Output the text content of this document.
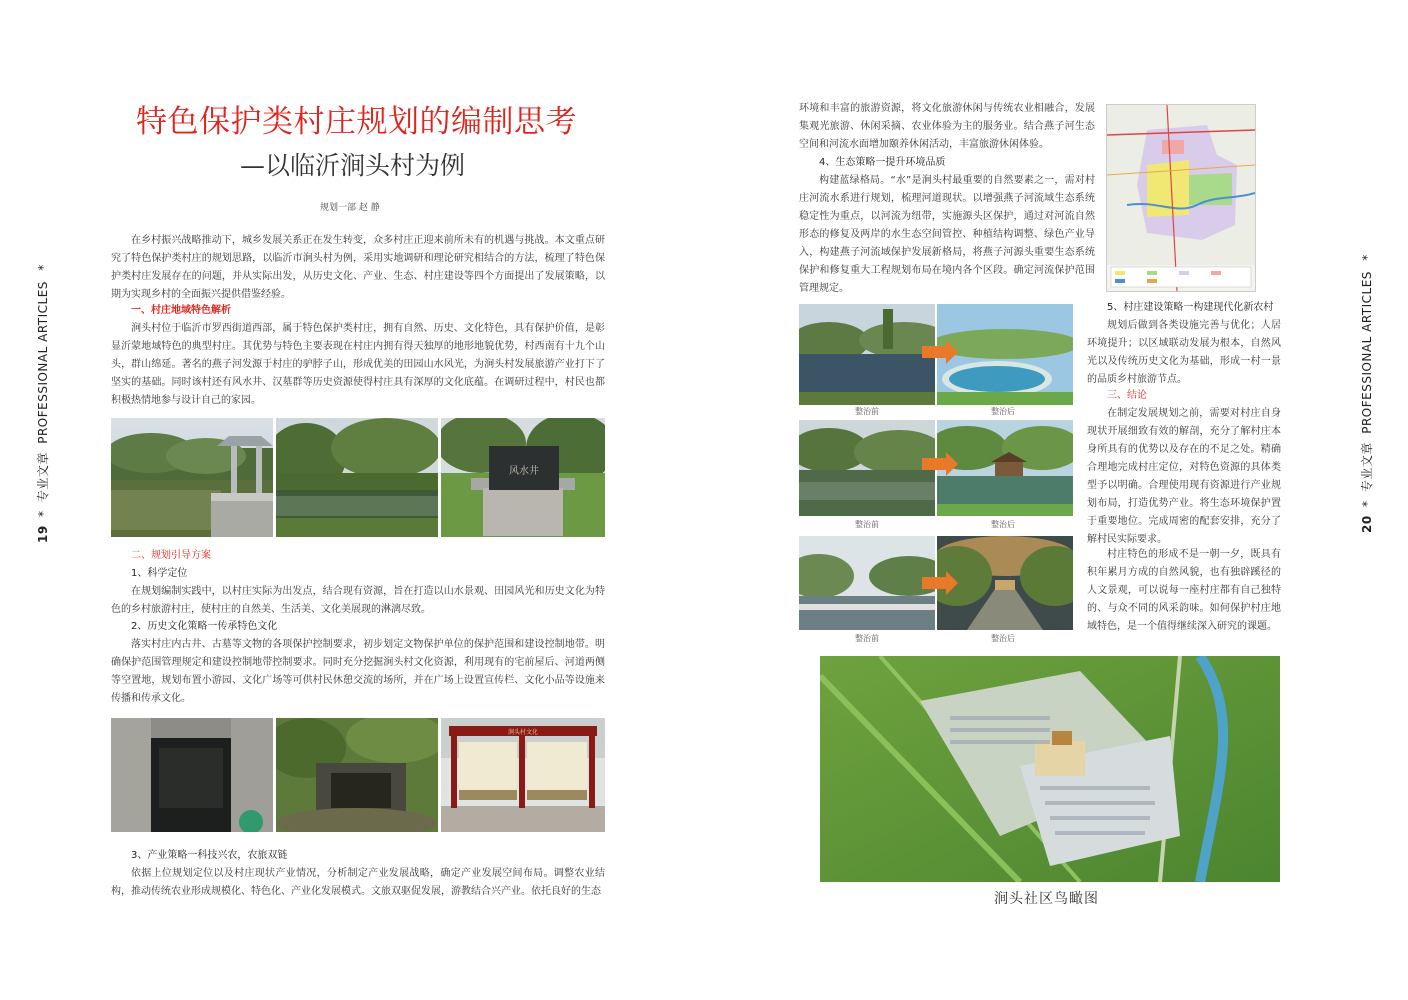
19 * 专业文章 PROFESSIONAL ARTICLES *
特色保护类村庄规划的编制思考
—以临沂涧头村为例
规划一部 赵 静

在乡村振兴战略推动下，城乡发展关系正在发生转变，众多村庄正迎来前所未有的机遇与挑战。本文重点研究了特色保护类村庄的规划思路，以临沂市涧头村为例，采用实地调研和理论研究相结合的方法，梳理了特色保护类村庄发展存在的问题，并从实际出发，从历史文化、产业、生态、村庄建设等四个方面提出了发展策略，以期为实现乡村的全面振兴提供借鉴经验。

一、村庄地域特色解析

涧头村位于临沂市罗西街道西部，属于特色保护类村庄，拥有自然、历史、文化特色，具有保护价值，是彰显沂蒙地域特色的典型村庄。其优势与特色主要表现在村庄内拥有得天独厚的地形地貌优势，村西南有十九个山头，群山绵延。著名的燕子河发源于村庄的驴脖子山，形成优美的田园山水风光，为涧头村发展旅游产业打下了坚实的基础。同时该村还有风水井、汉墓群等历史资源使得村庄具有深厚的文化底蕴。在调研过程中，村民也都积极热情地参与设计自己的家园。

风水井

二、规划引导方案

1、科学定位

在规划编制实践中，以村庄实际为出发点，结合现有资源，旨在打造以山水景观、田园风光和历史文化为特色的乡村旅游村庄，使村庄的自然美、生活美、文化美展现的淋漓尽致。

2、历史文化策略一传承特色文化

落实村庄内古井、古墓等文物的各项保护控制要求，初步划定文物保护单位的保护范围和建设控制地带。明确保护范围管理规定和建设控制地带控制要求。同时充分挖掘涧头村文化资源，利用现有的宅前屋后、河道两侧等空置地，规划布置小游园、文化广场等可供村民休憩交流的场所，并在广场上设置宣传栏、文化小品等设施来传播和传承文化。

涧头村文化

3、产业策略一科技兴农，农旅双链

依据上位规划定位以及村庄现状产业情况，分析制定产业发展战略，确定产业发展空间布局。调整农业结构，推动传统农业形成规模化、特色化、产业化发展模式。文旅双驱促发展，游教结合兴产业。依托良好的生态

环境和丰富的旅游资源，将文化旅游休闲与传统农业相融合，发展集观光旅游、休闲采摘、农业体验为主的服务业。结合燕子河生态空间和河流水面增加颐养休闲活动，丰富旅游休闲体验。

4、生态策略一提升环境品质

构建蓝绿格局。“水”是涧头村最重要的自然要素之一，需对村庄河流水系进行规划，梳理河道现状。以增强燕子河流域生态系统稳定性为重点，以河流为纽带，实施源头区保护，通过对河流自然形态的修复及两岸的水生态空间管控、种植结构调整、绿色产业导入，构建燕子河流域保护发展新格局，将燕子河源头重要生态系统保护和修复重大工程规划布局在境内各个区段。确定河流保护范围管理规定。

整治前	整治后
整治前	整治后
整治前	整治后

5、村庄建设策略一构建现代化新农村

规划后做到各类设施完善与优化；人居环境提升；以区域联动发展为根本，自然风光以及传统历史文化为基础，形成一村一景的品质乡村旅游节点。

三、结论

在制定发展规划之前，需要对村庄自身现状开展细致有效的解剖，充分了解村庄本身所具有的优势以及存在的不足之处。精确合理地完成村庄定位，对特色资源的具体类型予以明确。合理使用现有资源进行产业规划布局，打造优势产业。将生态环境保护置于重要地位。完成周密的配套安排，充分了解村民实际要求。

村庄特色的形成不是一朝一夕，既具有积年累月方成的自然风貌，也有独辟蹊径的人文景观，可以说每一座村庄都有自己独特的、与众不同的风采韵味。如何保护村庄地域特色，是一个值得继续深入研究的课题。

涧头社区鸟瞰图
20 * 专业文章 PROFESSIONAL ARTICLES *
